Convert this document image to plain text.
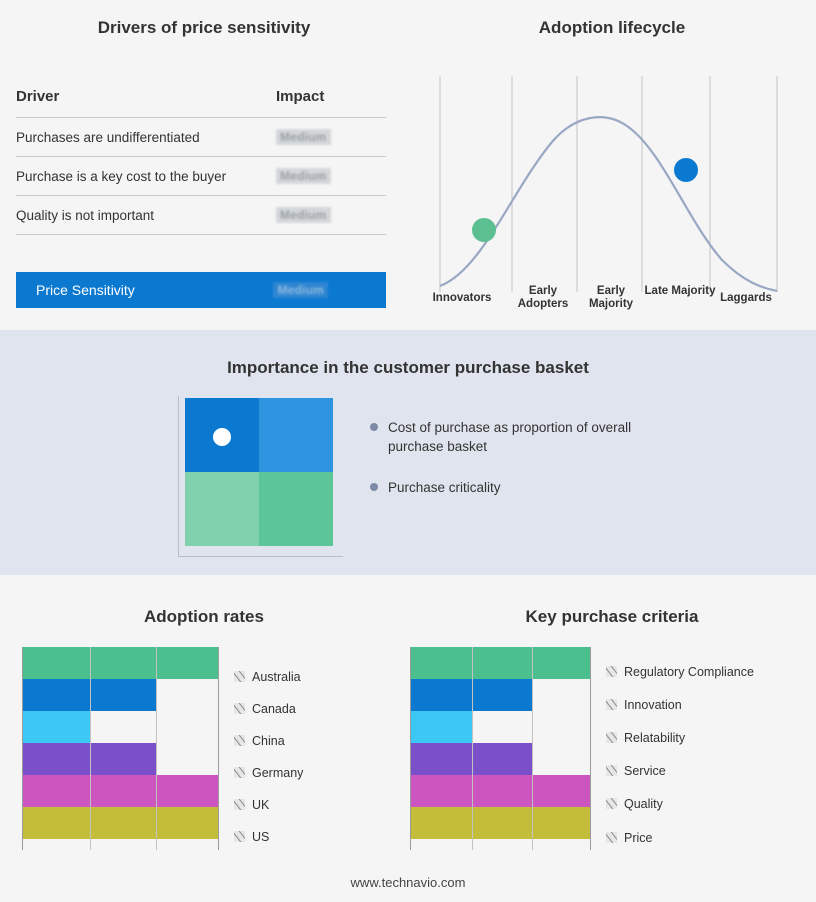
Drivers of price sensitivity
Driver	Impact
Purchases are undifferentiated	Medium
Purchase is a key cost to the buyer	Medium
Quality is not important	Medium
Price Sensitivity	Medium
Adoption lifecycle
Innovators
Early Adopters
Early Majority
Late Majority
Laggards
Importance in the customer purchase basket
Cost of purchase as proportion of overall purchase basket
Purchase criticality
Adoption rates	Key purchase criteria
Australia
Canada
China
Germany
UK
US
Regulatory Compliance
Innovation
Relatability
Service
Quality
Price
www.technavio.com
